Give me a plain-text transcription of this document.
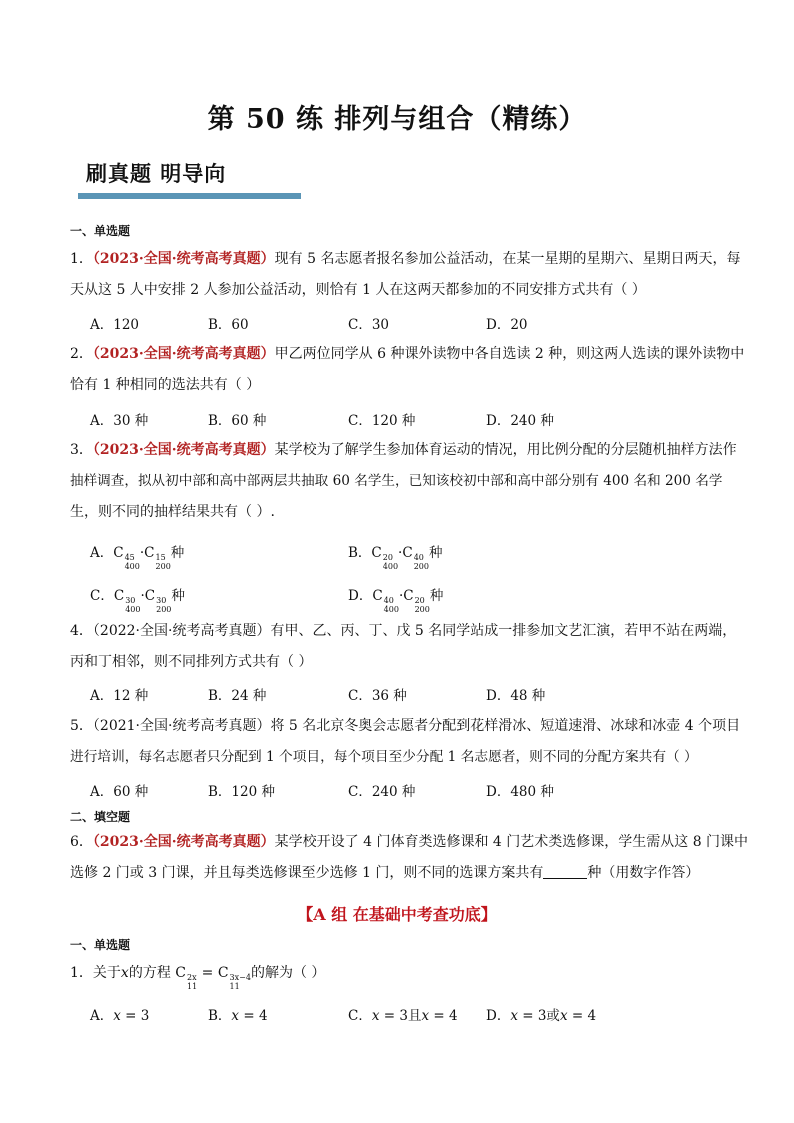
第 50 练 排列与组合（精练）
刷真题 明导向
一、单选题
1．（2023·全国·统考高考真题）现有 5 名志愿者报名参加公益活动，在某一星期的星期六、星期日两天，每
天从这 5 人中安排 2 人参加公益活动，则恰有 1 人在这两天都参加的不同安排方式共有（ ）
A．120	B．60	C．30	D．20
2．（2023·全国·统考高考真题）甲乙两位同学从 6 种课外读物中各自选读 2 种，则这两人选读的课外读物中
恰有 1 种相同的选法共有（ ）
A．30 种	B．60 种	C．120 种	D．240 种
3．（2023·全国·统考高考真题）某学校为了解学生参加体育运动的情况，用比例分配的分层随机抽样方法作
抽样调查，拟从初中部和高中部两层共抽取 60 名学生，已知该校初中部和高中部分别有 400 名和 200 名学
生，则不同的抽样结果共有（ ）.
A．C 45
400
·C 15
200
种	B．C 20
400
·C 40
200
种
C．C 30
400
·C 30
200
种	D．C 40
400
·C 20
200
种
4．（2022·全国·统考高考真题）有甲、乙、丙、丁、戊 5 名同学站成一排参加文艺汇演，若甲不站在两端，
丙和丁相邻，则不同排列方式共有（ ）
A．12 种	B．24 种	C．36 种	D．48 种
5．（2021·全国·统考高考真题）将 5 名北京冬奥会志愿者分配到花样滑冰、短道速滑、冰球和冰壶 4 个项目
进行培训，每名志愿者只分配到 1 个项目，每个项目至少分配 1 名志愿者，则不同的分配方案共有（ ）
A．60 种	B．120 种	C．240 种	D．480 种
二、填空题
6．（2023·全国·统考高考真题）某学校开设了 4 门体育类选修课和 4 门艺术类选修课，学生需从这 8 门课中
选修 2 门或 3 门课，并且每类选修课至少选修 1 门，则不同的选课方案共有	种（用数字作答）
【A 组 在基础中考查功底】
一、单选题
1．关于x的方程 C 2x
11
= C 3x−4
11
的解为（ ）
A．x = 3	B．x = 4	C．x = 3且x = 4 D．x = 3或x = 4
